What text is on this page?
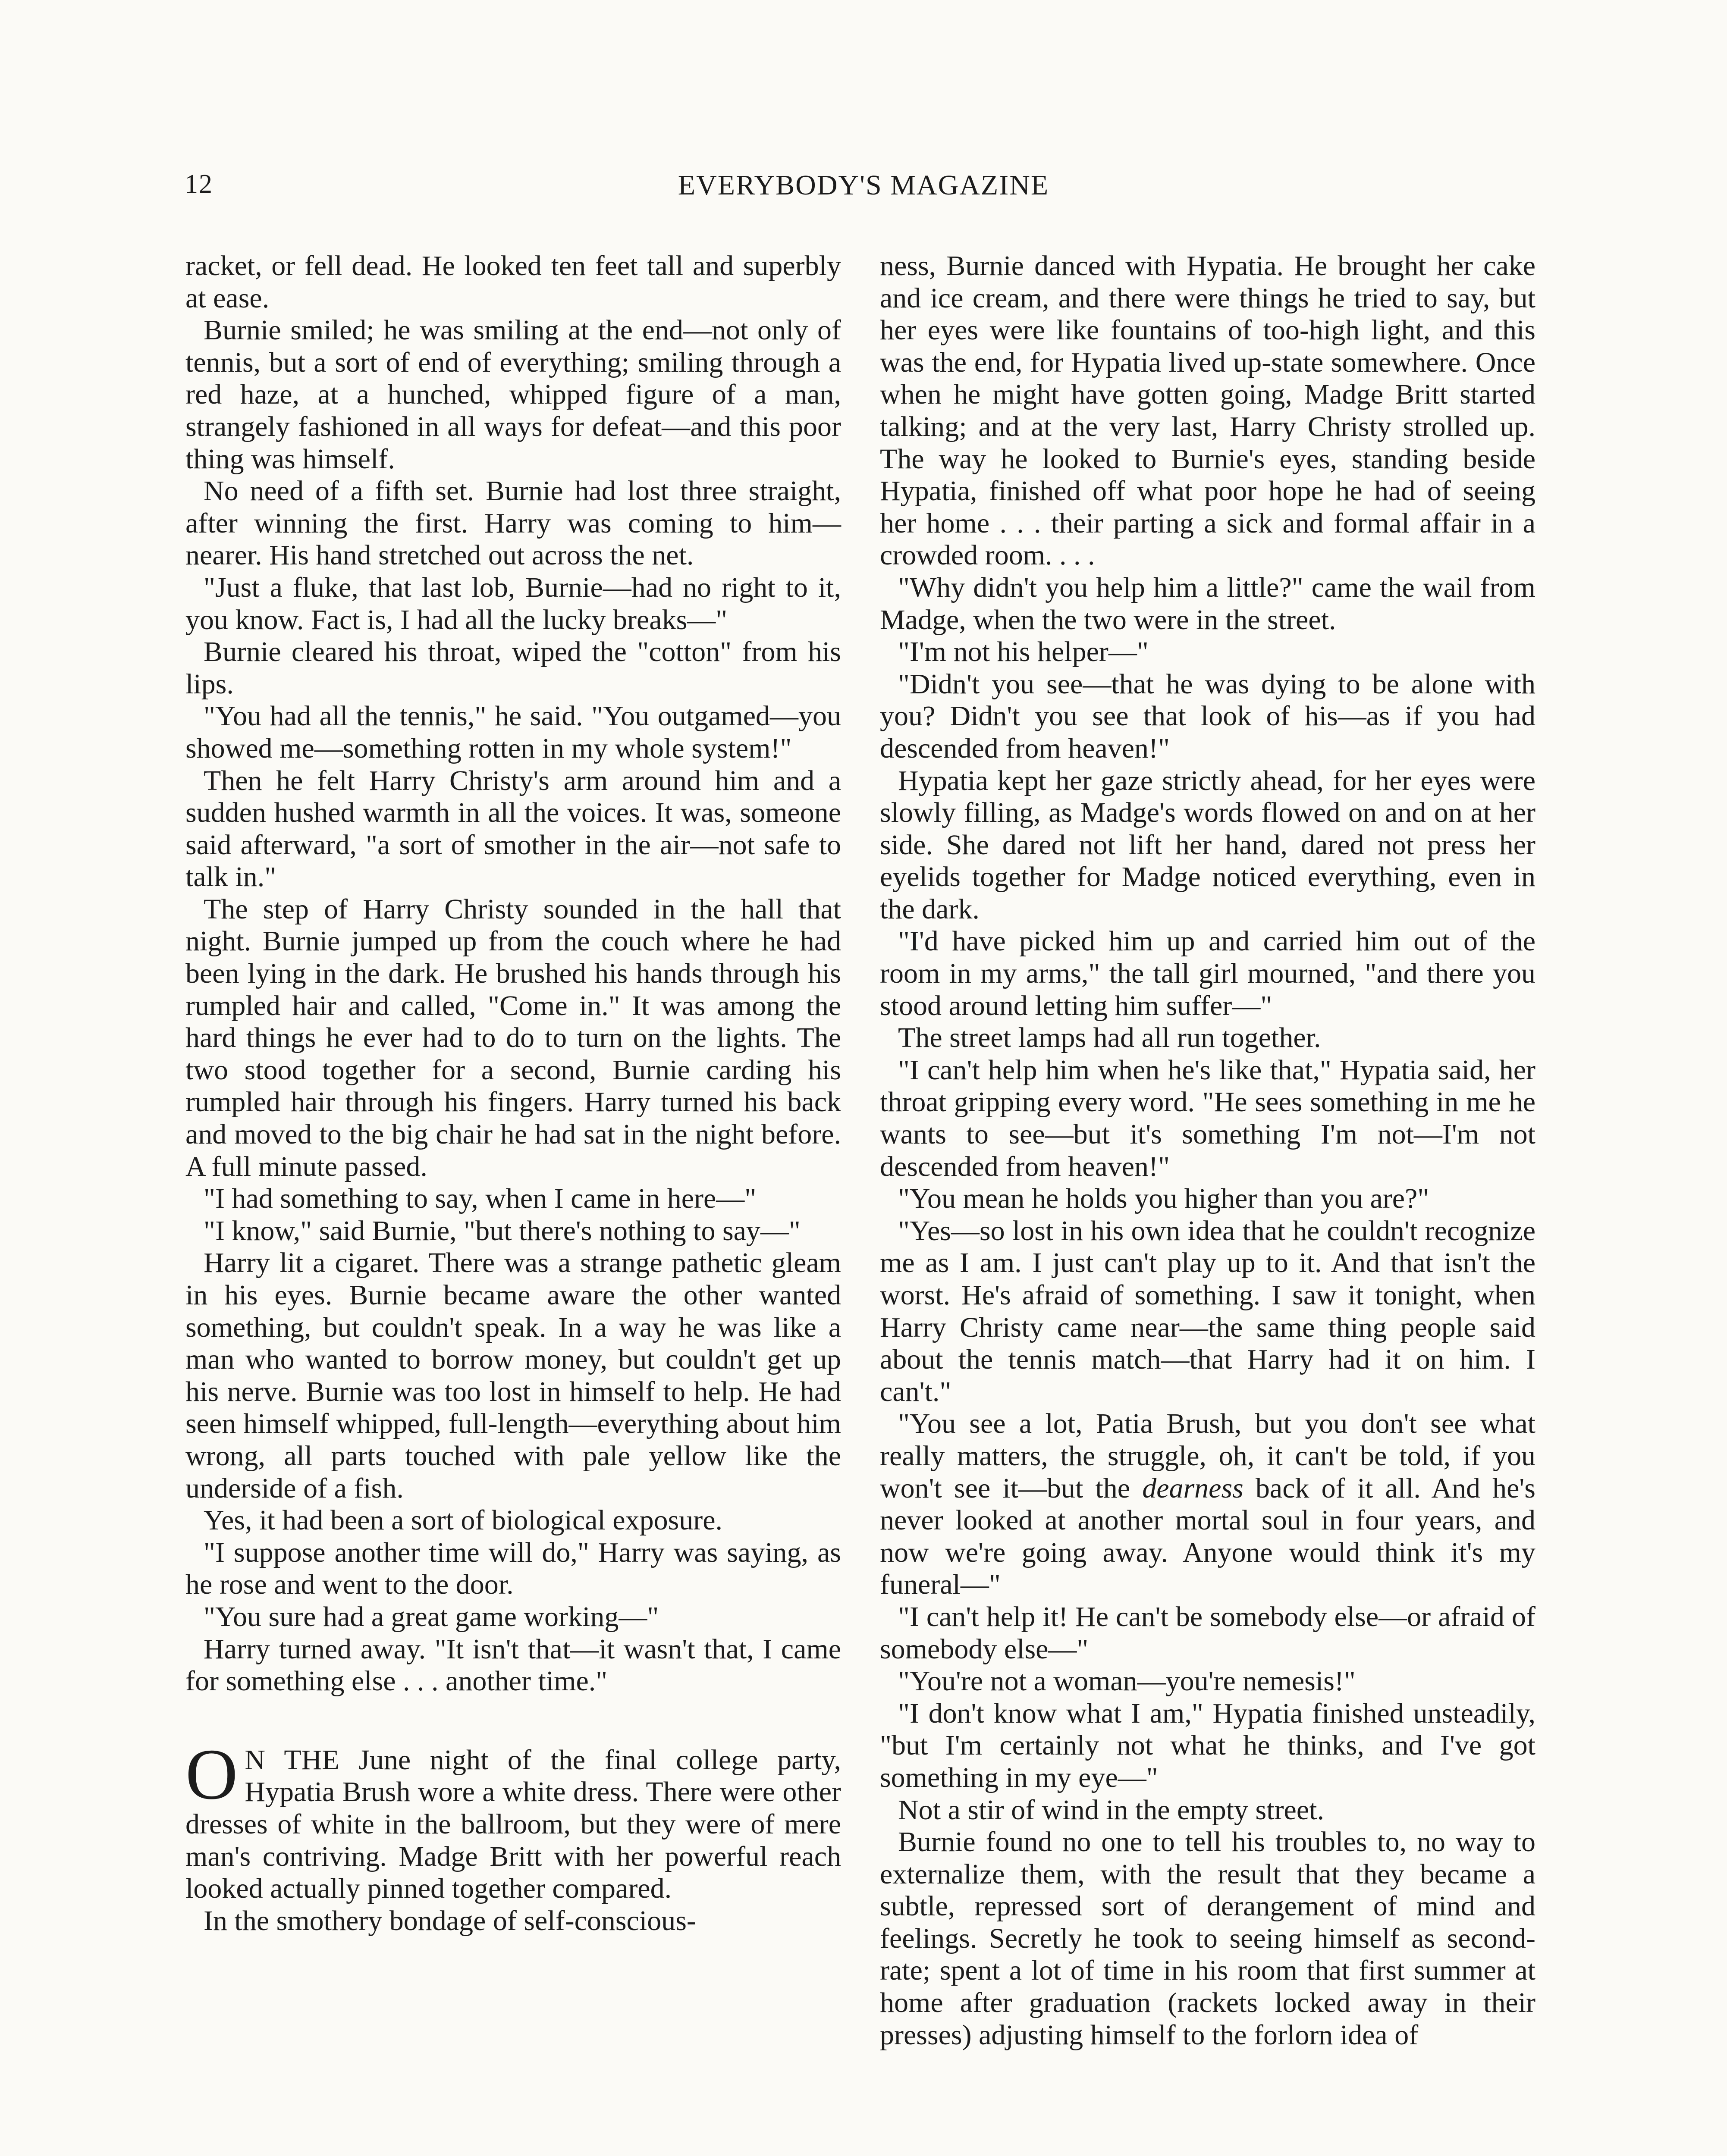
12	EVERYBODY'S MAGAZINE

racket, or fell dead. He looked ten feet tall and superbly at ease.

Burnie smiled; he was smiling at the end—not only of tennis, but a sort of end of everything; smiling through a red haze, at a hunched, whipped figure of a man, strangely fashioned in all ways for defeat—and this poor thing was himself.

No need of a fifth set. Burnie had lost three straight, after winning the first. Harry was coming to him—nearer. His hand stretched out across the net.

"Just a fluke, that last lob, Burnie—had no right to it, you know. Fact is, I had all the lucky breaks—"

Burnie cleared his throat, wiped the "cotton" from his lips.

"You had all the tennis," he said. "You outgamed—you showed me—something rotten in my whole system!"

Then he felt Harry Christy's arm around him and a sudden hushed warmth in all the voices. It was, someone said afterward, "a sort of smother in the air—not safe to talk in."

The step of Harry Christy sounded in the hall that night. Burnie jumped up from the couch where he had been lying in the dark. He brushed his hands through his rumpled hair and called, "Come in." It was among the hard things he ever had to do to turn on the lights. The two stood together for a second, Burnie carding his rumpled hair through his fingers. Harry turned his back and moved to the big chair he had sat in the night before. A full minute passed.

"I had something to say, when I came in here—"

"I know," said Burnie, "but there's nothing to say—"

Harry lit a cigaret. There was a strange pathetic gleam in his eyes. Burnie became aware the other wanted something, but couldn't speak. In a way he was like a man who wanted to borrow money, but couldn't get up his nerve. Burnie was too lost in himself to help. He had seen himself whipped, full-length—everything about him wrong, all parts touched with pale yellow like the underside of a fish.

Yes, it had been a sort of biological exposure.

"I suppose another time will do," Harry was saying, as he rose and went to the door.

"You sure had a great game working—"

Harry turned away. "It isn't that—it wasn't that, I came for something else . . . another time."

O N THE June night of the final college party, Hypatia Brush wore a white dress. There were other dresses of white in the ballroom, but they were of mere man's contriving. Madge Britt with her powerful reach looked actually pinned together compared.

In the smothery bondage of self-conscious-

ness, Burnie danced with Hypatia. He brought her cake and ice cream, and there were things he tried to say, but her eyes were like fountains of too-high light, and this was the end, for Hypatia lived up-state somewhere. Once when he might have gotten going, Madge Britt started talking; and at the very last, Harry Christy strolled up. The way he looked to Burnie's eyes, standing beside Hypatia, finished off what poor hope he had of seeing her home . . . their parting a sick and formal affair in a crowded room. . . .

"Why didn't you help him a little?" came the wail from Madge, when the two were in the street.

"I'm not his helper—"

"Didn't you see—that he was dying to be alone with you? Didn't you see that look of his—as if you had descended from heaven!"

Hypatia kept her gaze strictly ahead, for her eyes were slowly filling, as Madge's words flowed on and on at her side. She dared not lift her hand, dared not press her eyelids together for Madge noticed everything, even in the dark.

"I'd have picked him up and carried him out of the room in my arms," the tall girl mourned, "and there you stood around letting him suffer—"

The street lamps had all run together.

"I can't help him when he's like that," Hypatia said, her throat gripping every word. "He sees something in me he wants to see—but it's something I'm not—I'm not descended from heaven!"

"You mean he holds you higher than you are?"

"Yes—so lost in his own idea that he couldn't recognize me as I am. I just can't play up to it. And that isn't the worst. He's afraid of something. I saw it tonight, when Harry Christy came near—the same thing people said about the tennis match—that Harry had it on him. I can't."

"You see a lot, Patia Brush, but you don't see what really matters, the struggle, oh, it can't be told, if you won't see it—but the dearness back of it all. And he's never looked at another mortal soul in four years, and now we're going away. Anyone would think it's my funeral—"

"I can't help it! He can't be somebody else—or afraid of somebody else—"

"You're not a woman—you're nemesis!"

"I don't know what I am," Hypatia finished unsteadily, "but I'm certainly not what he thinks, and I've got something in my eye—"

Not a stir of wind in the empty street.

Burnie found no one to tell his troubles to, no way to externalize them, with the result that they became a subtle, repressed sort of derangement of mind and feelings. Secretly he took to seeing himself as second-rate; spent a lot of time in his room that first summer at home after graduation (rackets locked away in their presses) adjusting himself to the forlorn idea of
